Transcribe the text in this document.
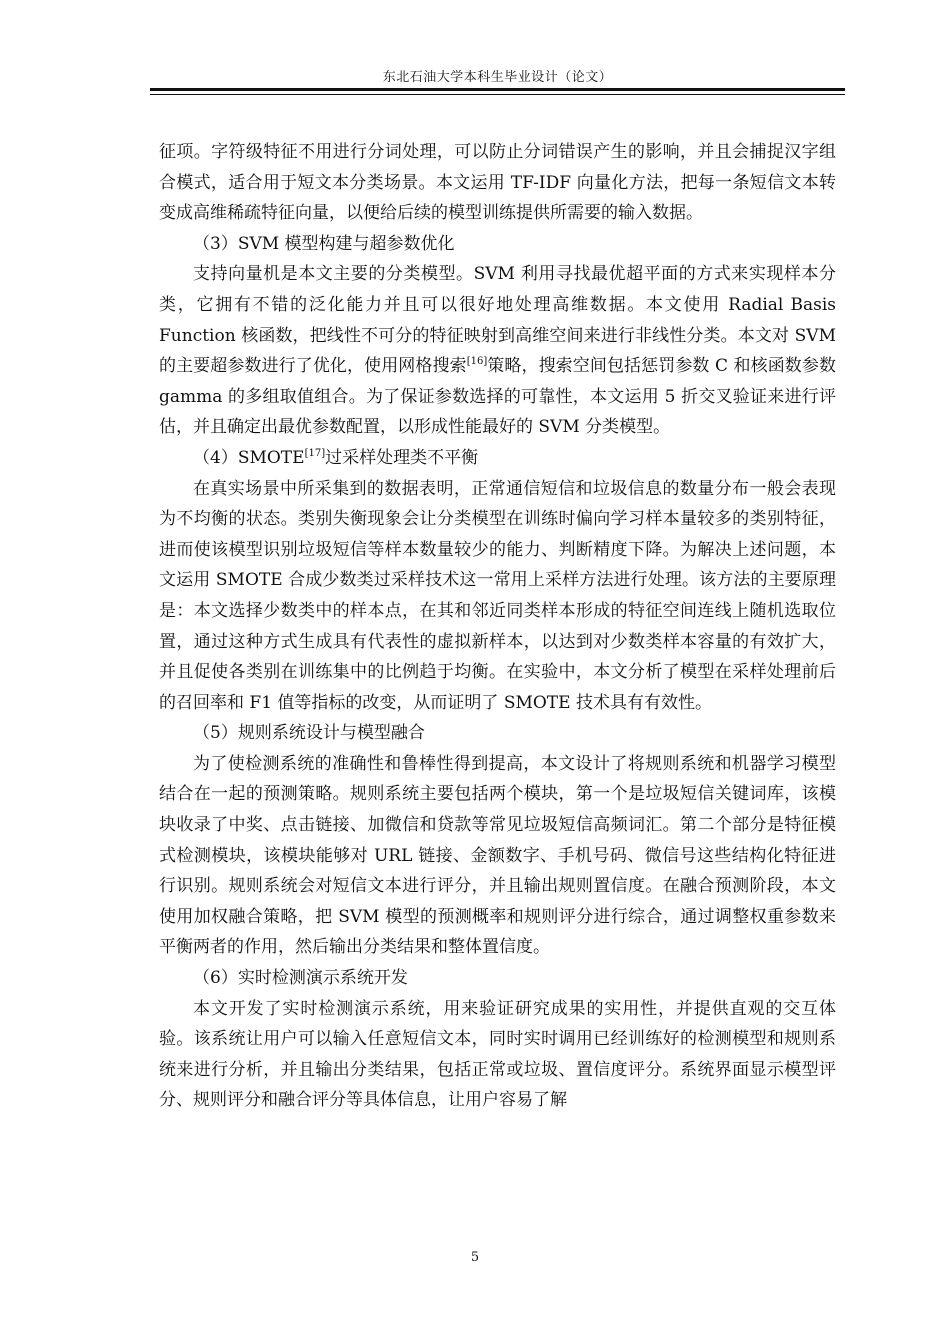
东北石油大学本科生毕业设计（论文）

征项。字符级特征不用进行分词处理，可以防止分词错误产生的影响，并且会捕捉汉字组合模式，适合用于短文本分类场景。本文运用 TF-IDF 向量化方法，把每一条短信文本转变成高维稀疏特征向量，以便给后续的模型训练提供所需要的输入数据。

（3）SVM 模型构建与超参数优化

支持向量机是本文主要的分类模型。SVM 利用寻找最优超平面的方式来实现样本分类，它拥有不错的泛化能力并且可以很好地处理高维数据。本文使用 Radial Basis Function 核函数，把线性不可分的特征映射到高维空间来进行非线性分类。本文对 SVM 的主要超参数进行了优化，使用网格搜索[16]策略，搜索空间包括惩罚参数 C 和核函数参数 gamma 的多组取值组合。为了保证参数选择的可靠性，本文运用 5 折交叉验证来进行评估，并且确定出最优参数配置，以形成性能最好的 SVM 分类模型。

（4）SMOTE[17]过采样处理类不平衡

在真实场景中所采集到的数据表明，正常通信短信和垃圾信息的数量分布一般会表现为不均衡的状态。类别失衡现象会让分类模型在训练时偏向学习样本量较多的类别特征，进而使该模型识别垃圾短信等样本数量较少的能力、判断精度下降。为解决上述问题，本文运用 SMOTE 合成少数类过采样技术这一常用上采样方法进行处理。该方法的主要原理是：本文选择少数类中的样本点，在其和邻近同类样本形成的特征空间连线上随机选取位置，通过这种方式生成具有代表性的虚拟新样本，以达到对少数类样本容量的有效扩大，并且促使各类别在训练集中的比例趋于均衡。在实验中，本文分析了模型在采样处理前后的召回率和 F1 值等指标的改变，从而证明了 SMOTE 技术具有有效性。

（5）规则系统设计与模型融合

为了使检测系统的准确性和鲁棒性得到提高，本文设计了将规则系统和机器学习模型结合在一起的预测策略。规则系统主要包括两个模块，第一个是垃圾短信关键词库，该模块收录了中奖、点击链接、加微信和贷款等常见垃圾短信高频词汇。第二个部分是特征模式检测模块，该模块能够对 URL 链接、金额数字、手机号码、微信号这些结构化特征进行识别。规则系统会对短信文本进行评分，并且输出规则置信度。在融合预测阶段，本文使用加权融合策略，把 SVM 模型的预测概率和规则评分进行综合，通过调整权重参数来平衡两者的作用，然后输出分类结果和整体置信度。

（6）实时检测演示系统开发

本文开发了实时检测演示系统，用来验证研究成果的实用性，并提供直观的交互体验。该系统让用户可以输入任意短信文本，同时实时调用已经训练好的检测模型和规则系统来进行分析，并且输出分类结果，包括正常或垃圾、置信度评分。系统界面显示模型评分、规则评分和融合评分等具体信息，让用户容易了解

5
